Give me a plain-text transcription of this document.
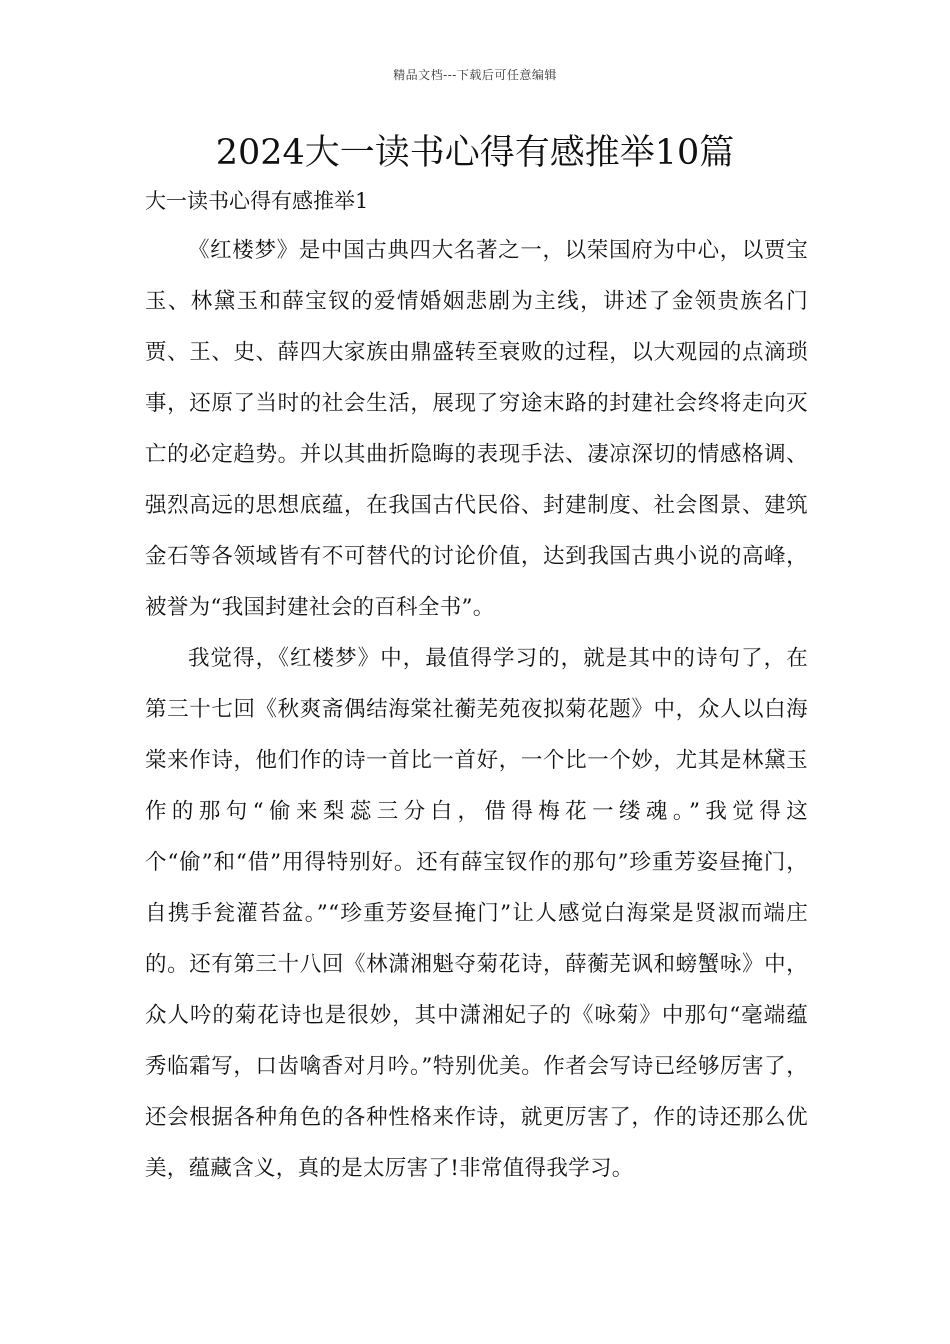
精品文档---下载后可任意编辑
2024大一读书心得有感推举10篇
大一读书心得有感推举1

《红楼梦》是中国古典四大名著之一，以荣国府为中心，以贾宝玉、林黛玉和薛宝钗的爱情婚姻悲剧为主线，讲述了金领贵族名门贾、王、史、薛四大家族由鼎盛转至衰败的过程，以大观园的点滴琐事，还原了当时的社会生活，展现了穷途末路的封建社会终将走向灭亡的必定趋势。并以其曲折隐晦的表现手法、凄凉深切的情感格调、强烈高远的思想底蕴，在我国古代民俗、封建制度、社会图景、建筑金石等各领域皆有不可替代的讨论价值，达到我国古典小说的高峰，被誉为“我国封建社会的百科全书”。

我觉得，《红楼梦》中，最值得学习的，就是其中的诗句了，在第三十七回《秋爽斋偶结海棠社蘅芜苑夜拟菊花题》中，众人以白海棠来作诗，他们作的诗一首比一首好，一个比一个妙，尤其是林黛玉作的那句“偷来梨蕊三分白，借得梅花一缕魂。”我觉得这个“偷”和“借”用得特别好。还有薛宝钗作的那句”珍重芳姿昼掩门，自携手瓮灌苔盆。”“珍重芳姿昼掩门”让人感觉白海棠是贤淑而端庄的。还有第三十八回《林潇湘魁夺菊花诗，薛蘅芜讽和螃蟹咏》中，众人吟的菊花诗也是很妙，其中潇湘妃子的《咏菊》中那句“毫端蕴秀临霜写，口齿噙香对月吟。”特别优美。作者会写诗已经够厉害了，还会根据各种角色的各种性格来作诗，就更厉害了，作的诗还那么优美，蕴藏含义，真的是太厉害了!非常值得我学习。
